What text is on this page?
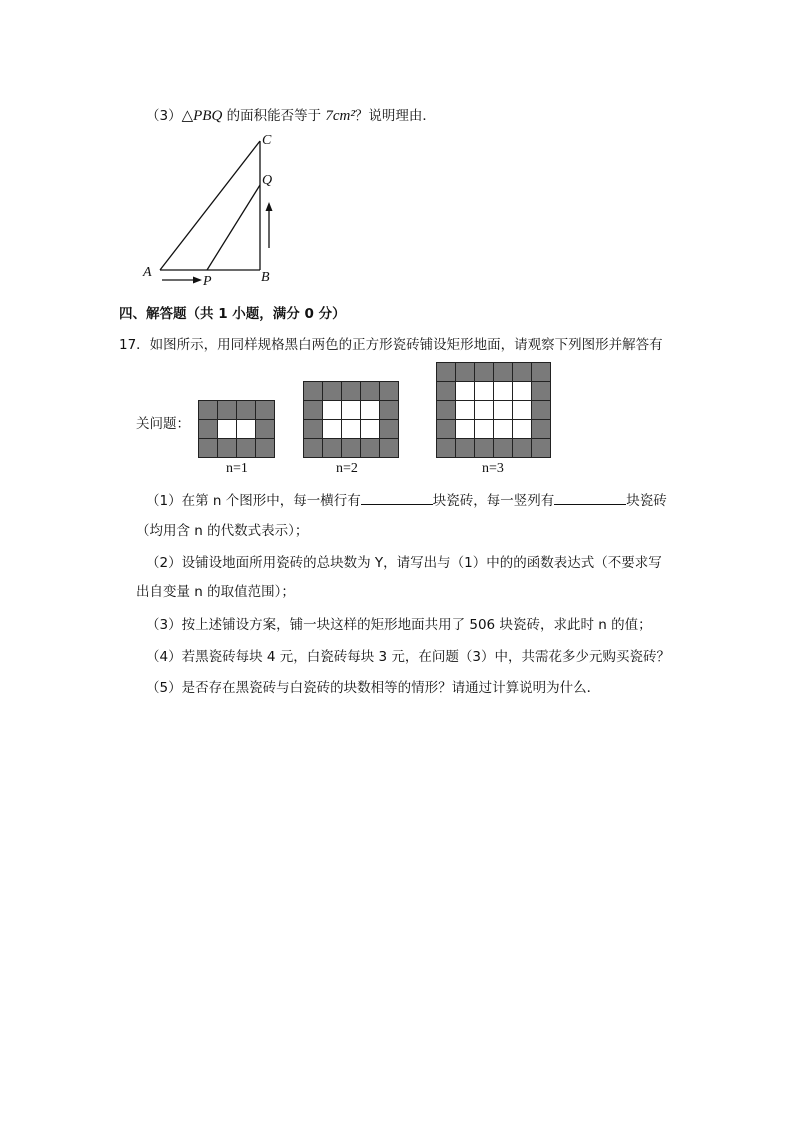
（3）△PBQ 的面积能否等于 7cm²？说明理由．
C
Q
A
P	B
四、解答题（共 1 小题，满分 0 分）
17．如图所示，用同样规格黑白两色的正方形瓷砖铺设矩形地面，请观察下列图形并解答有
关问题：
n=1	n=2	n=3
（1）在第 n 个图形中，每一横行有	块瓷砖，每一竖列有	块瓷砖
（均用含 n 的代数式表示）；
（2）设铺设地面所用瓷砖的总块数为 Y，请写出与（1）中的的函数表达式（不要求写
出自变量 n 的取值范围）；
（3）按上述铺设方案，铺一块这样的矩形地面共用了 506 块瓷砖，求此时 n 的值；
（4）若黑瓷砖每块 4 元，白瓷砖每块 3 元，在问题（3）中，共需花多少元购买瓷砖？
（5）是否存在黑瓷砖与白瓷砖的块数相等的情形？请通过计算说明为什么．
